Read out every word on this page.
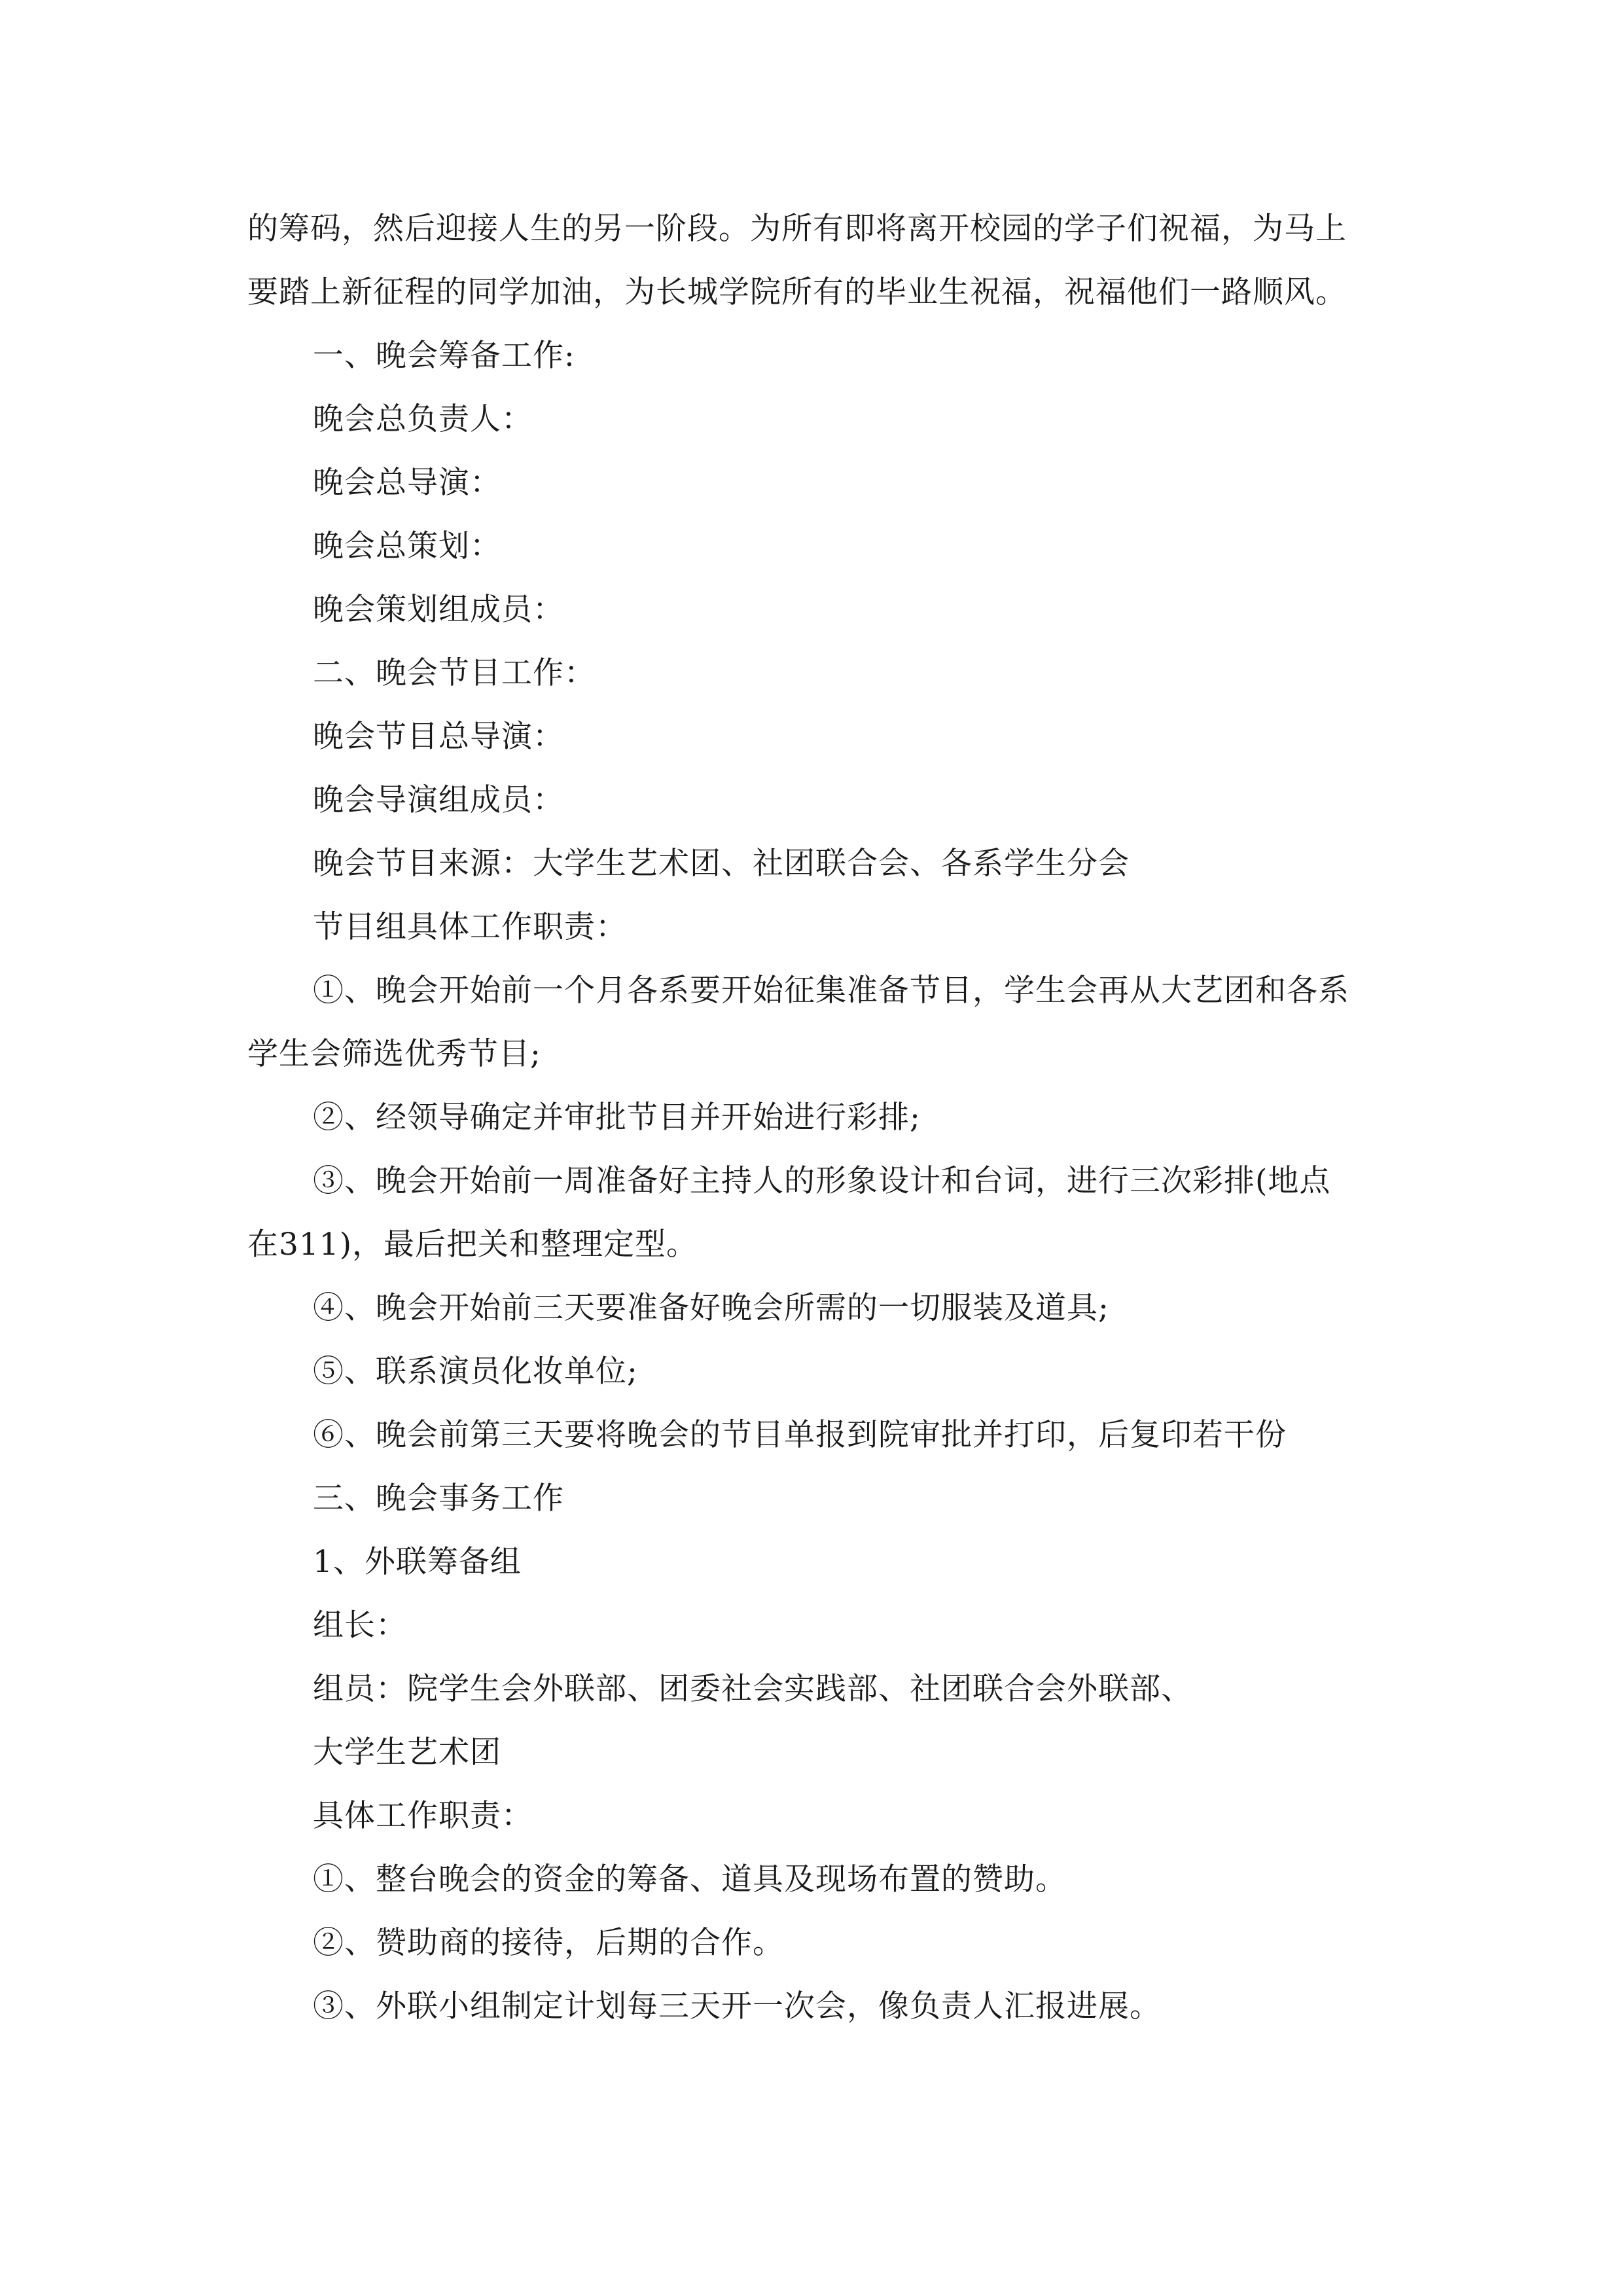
的筹码，然后迎接人生的另一阶段。为所有即将离开校园的学子们祝福，为马上
要踏上新征程的同学加油，为长城学院所有的毕业生祝福，祝福他们一路顺风。
一、晚会筹备工作:
晚会总负责人：
晚会总导演：
晚会总策划：
晚会策划组成员：
二、晚会节目工作：
晚会节目总导演：
晚会导演组成员：
晚会节目来源：大学生艺术团、社团联合会、各系学生分会
节目组具体工作职责：
①、晚会开始前一个月各系要开始征集准备节目，学生会再从大艺团和各系
学生会筛选优秀节目;
②、经领导确定并审批节目并开始进行彩排;
③、晚会开始前一周准备好主持人的形象设计和台词，进行三次彩排(地点
在311)，最后把关和整理定型。
④、晚会开始前三天要准备好晚会所需的一切服装及道具;
⑤、联系演员化妆单位;
⑥、晚会前第三天要将晚会的节目单报到院审批并打印，后复印若干份
三、晚会事务工作
1、外联筹备组
组长：
组员：院学生会外联部、团委社会实践部、社团联合会外联部、
大学生艺术团
具体工作职责：
①、整台晚会的资金的筹备、道具及现场布置的赞助。
②、赞助商的接待，后期的合作。
③、外联小组制定计划每三天开一次会，像负责人汇报进展。
